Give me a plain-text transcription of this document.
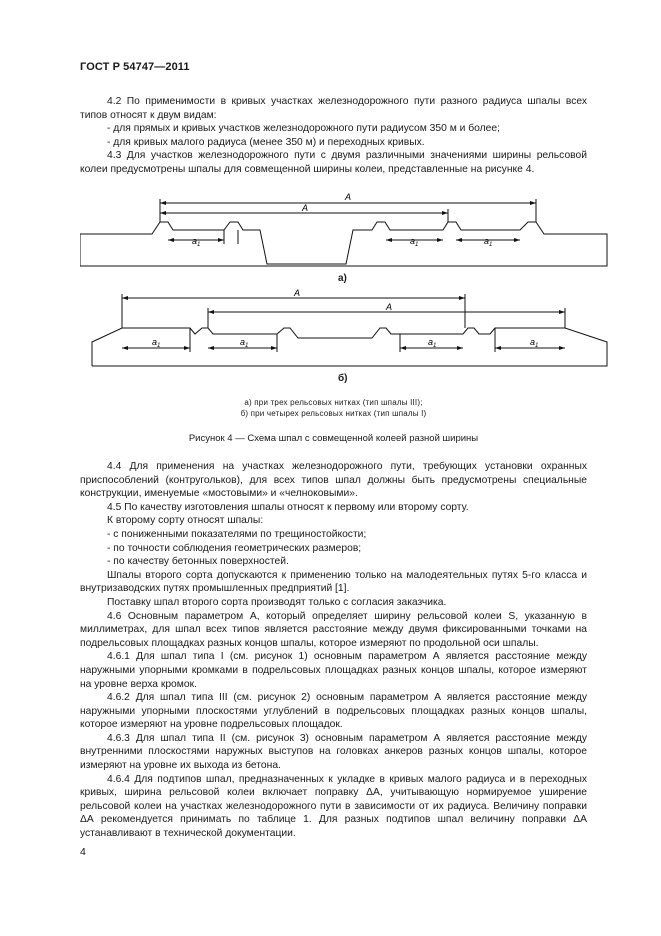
ГОСТ Р 54747—2011

4.2 По применимости в кривых участках железнодорожного пути разного радиуса шпалы всех типов относят к двум видам:

- для прямых и кривых участков железнодорожного пути радиусом 350 м и более;

- для кривых малого радиуса (менее 350 м) и переходных кривых.

4.3 Для участков железнодорожного пути с двумя различными значениями ширины рельсовой колеи предусмотрены шпалы для совмещенной ширины колеи, представленные на рисунке 4.

A
A
$a_1$	$a_1$	$a_1$
A
A
$a_1$	$a_1$	$a_1$	$a_1$
а)
б)
а) при трех рельсовых нитках (тип шпалы III);
б) при четырех рельсовых нитках (тип шпалы I)
Рисунок 4 — Схема шпал с совмещенной колеей разной ширины

4.4 Для применения на участках железнодорожного пути, требующих установки охранных приспособлений (контругольков), для всех типов шпал должны быть предусмотрены специальные конструкции, именуемые «мостовыми» и «челноковыми».

4.5 По качеству изготовления шпалы относят к первому или второму сорту.

К второму сорту относят шпалы:

- с пониженными показателями по трещиностойкости;

- по точности соблюдения геометрических размеров;

- по качеству бетонных поверхностей.

Шпалы второго сорта допускаются к применению только на малодеятельных путях 5-го класса и внутризаводских путях промышленных предприятий [1].

Поставку шпал второго сорта производят только с согласия заказчика.

4.6 Основным параметром А, который определяет ширину рельсовой колеи S, указанную в миллиметрах, для шпал всех типов является расстояние между двумя фиксированными точками на подрельсовых площадках разных концов шпалы, которое измеряют по продольной оси шпалы.

4.6.1 Для шпал типа I (см. рисунок 1) основным параметром А является расстояние между наружными упорными кромками в подрельсовых площадках разных концов шпалы, которое измеряют на уровне верха кромок.

4.6.2 Для шпал типа III (см. рисунок 2) основным параметром А является расстояние между наружными упорными плоскостями углублений в подрельсовых площадках разных концов шпалы, которое измеряют на уровне подрельсовых площадок.

4.6.3 Для шпал типа II (см. рисунок 3) основным параметром А является расстояние между внутренними плоскостями наружных выступов на головках анкеров разных концов шпалы, которое измеряют на уровне их выхода из бетона.

4.6.4 Для подтипов шпал, предназначенных к укладке в кривых малого радиуса и в переходных кривых, ширина рельсовой колеи включает поправку ΔА, учитывающую нормируемое уширение рельсовой колеи на участках железнодорожного пути в зависимости от их радиуса. Величину поправки ΔА рекомендуется принимать по таблице 1. Для разных подтипов шпал величину поправки ΔА устанавливают в технической документации.

4
